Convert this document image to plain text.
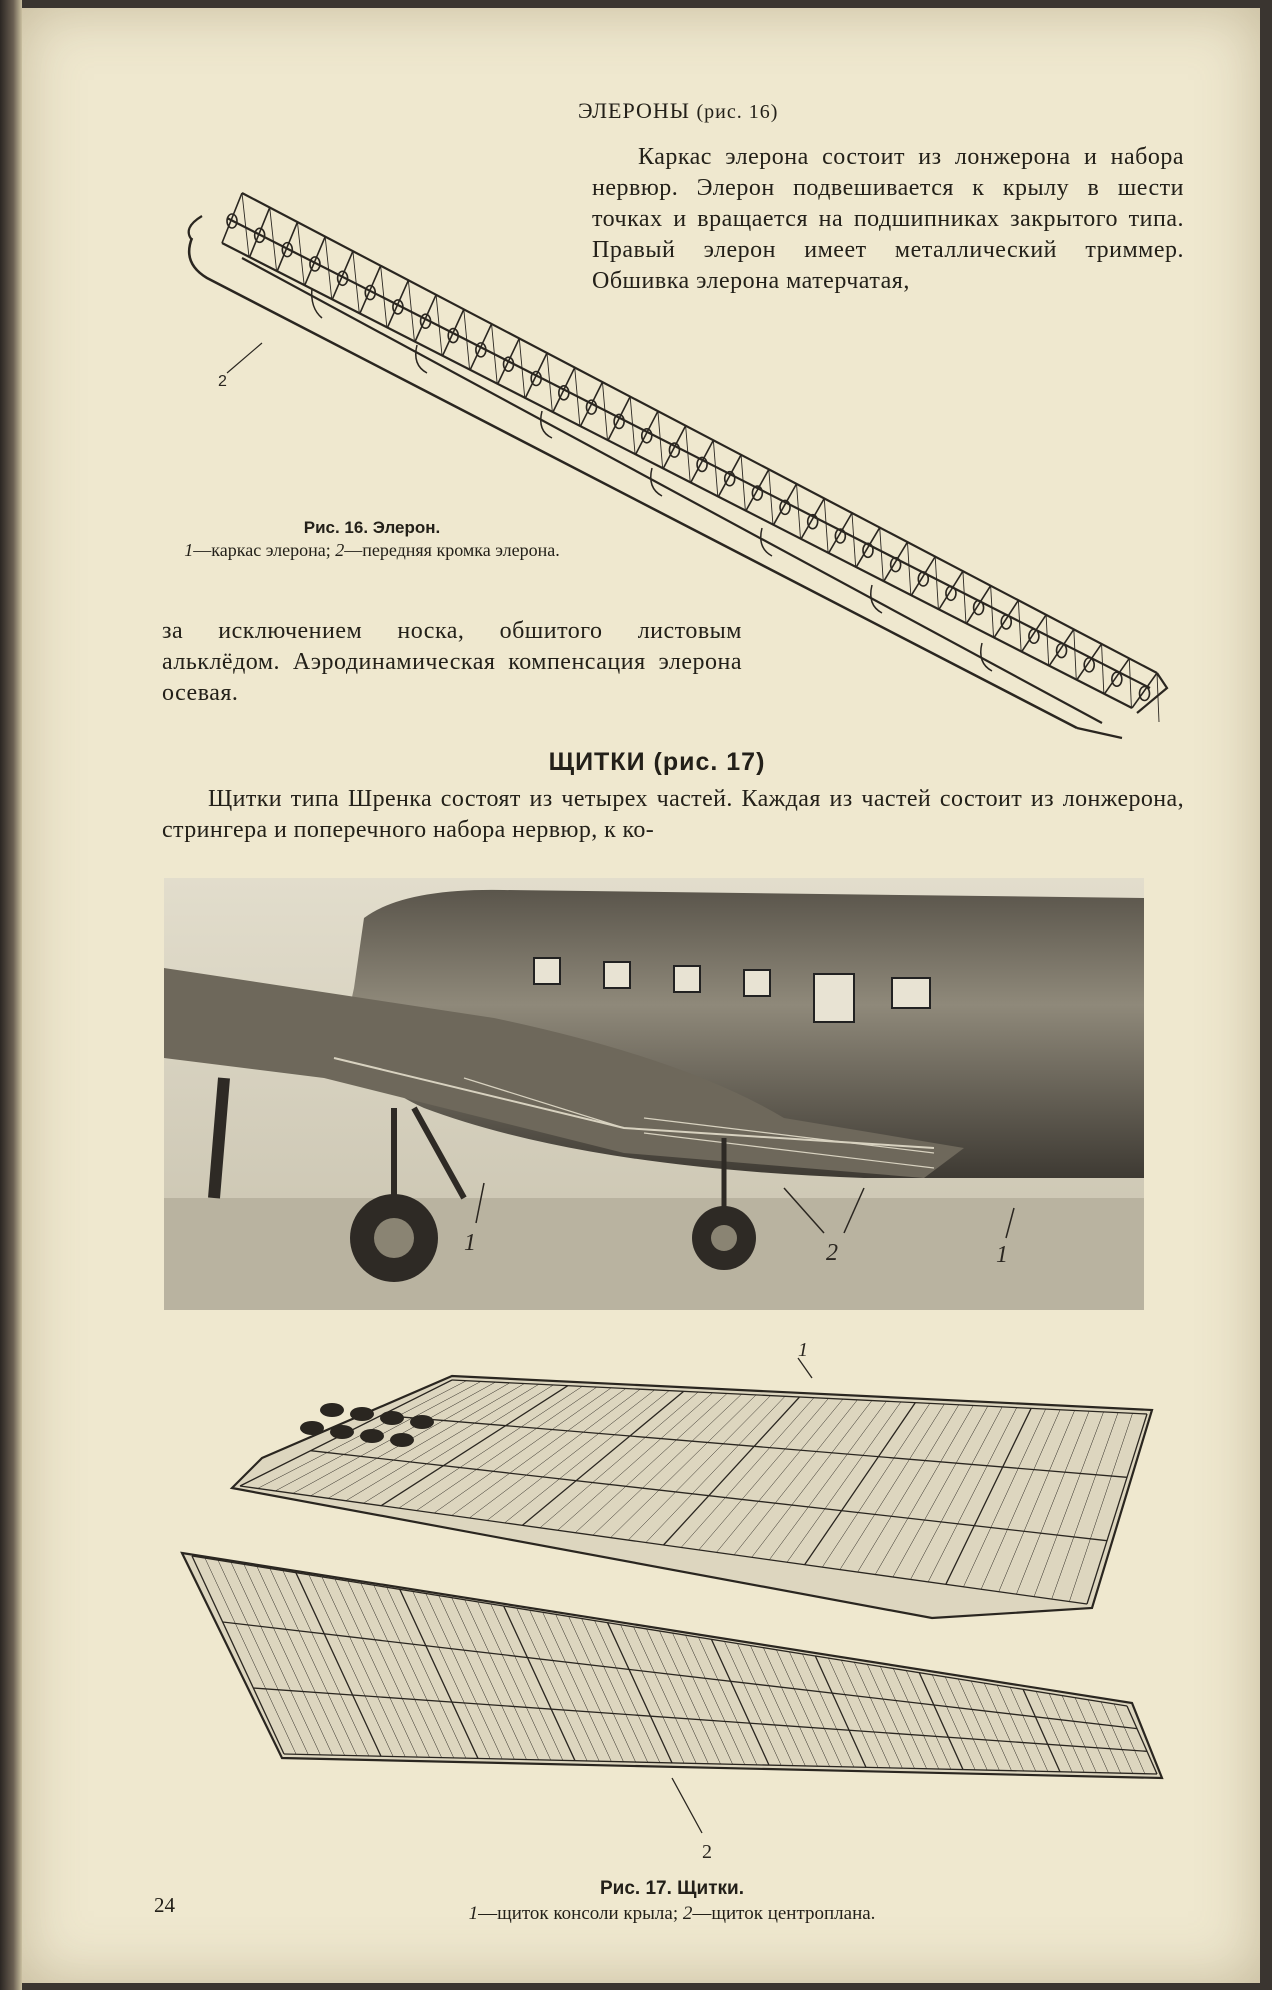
ЭЛЕРОНЫ (рис. 16)
Каркас элерона состоит из лонжерона и набора нервюр. Элерон подвешивается к крылу в шести точках и вращается на подшипниках закрытого типа. Правый элерон имеет металлический триммер. Обшивка элерона матерчатая,
2
Рис. 16. Элерон.
1—каркас элерона; 2—передняя кромка элерона.
за исключением носка, обшитого листовым альклёдом. Аэродинамическая компенсация элерона осевая.
ЩИТКИ (рис. 17)
Щитки типа Шренка состоят из четырех частей. Каждая из частей состоит из лонжерона, стрингера и поперечного набора нервюр, к ко-
1	2	1
1
2
Рис. 17. Щитки.
1—щиток консоли крыла; 2—щиток центроплана.
24
